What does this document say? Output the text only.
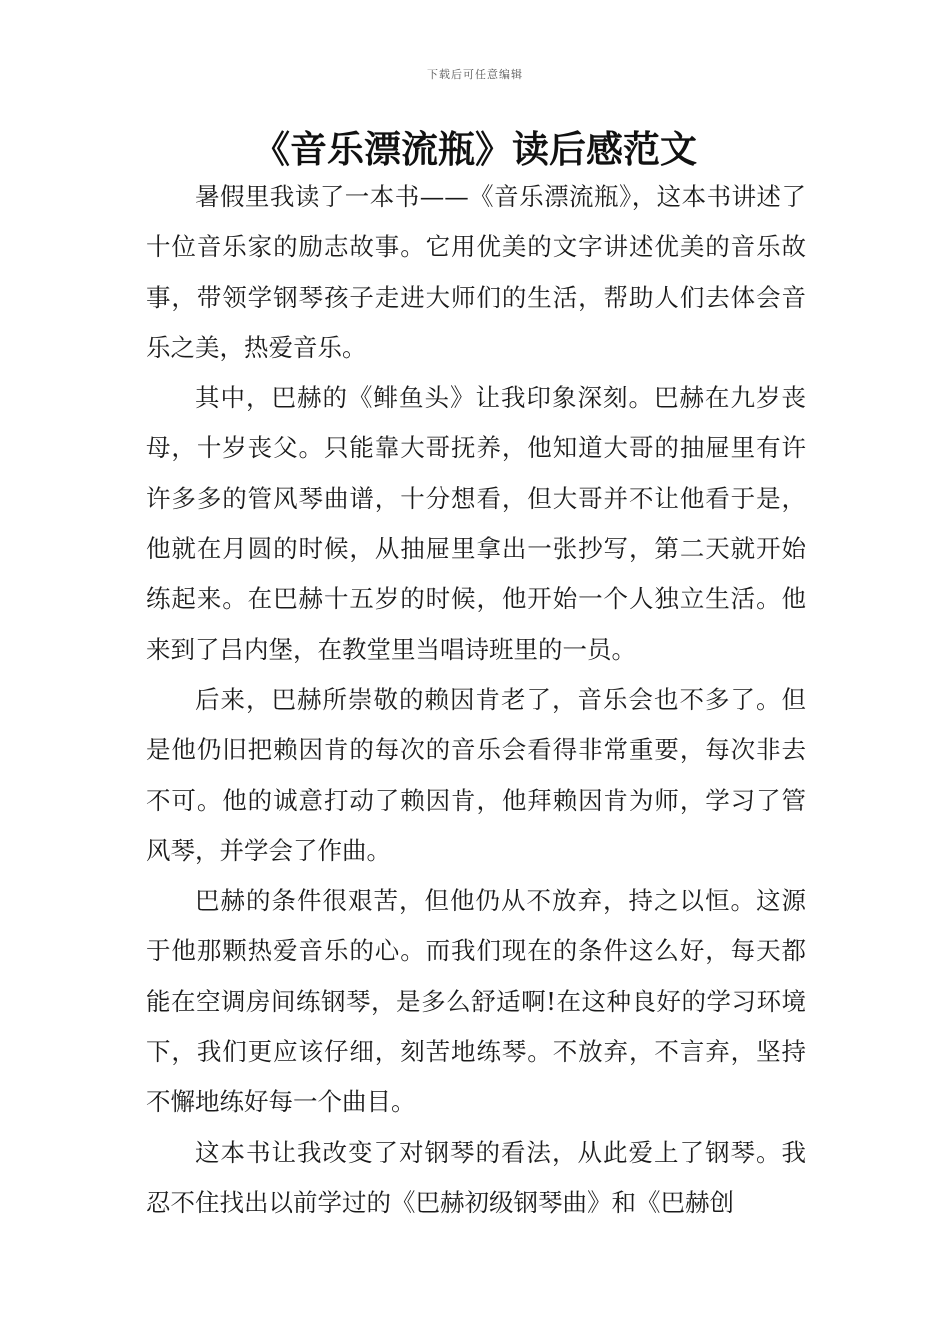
下载后可任意编辑
《音乐漂流瓶》读后感范文

暑假里我读了一本书——《音乐漂流瓶》，这本书讲述了十位音乐家的励志故事。它用优美的文字讲述优美的音乐故事，带领学钢琴孩子走进大师们的生活，帮助人们去体会音乐之美，热爱音乐。

其中，巴赫的《鲱鱼头》让我印象深刻。巴赫在九岁丧母，十岁丧父。只能靠大哥抚养，他知道大哥的抽屉里有许许多多的管风琴曲谱，十分想看，但大哥并不让他看于是，他就在月圆的时候，从抽屉里拿出一张抄写，第二天就开始练起来。在巴赫十五岁的时候，他开始一个人独立生活。他来到了吕内堡，在教堂里当唱诗班里的一员。

后来，巴赫所崇敬的赖因肯老了，音乐会也不多了。但是他仍旧把赖因肯的每次的音乐会看得非常重要，每次非去不可。他的诚意打动了赖因肯，他拜赖因肯为师，学习了管风琴，并学会了作曲。

巴赫的条件很艰苦，但他仍从不放弃，持之以恒。这源于他那颗热爱音乐的心。而我们现在的条件这么好，每天都能在空调房间练钢琴，是多么舒适啊!在这种良好的学习环境下，我们更应该仔细，刻苦地练琴。不放弃，不言弃，坚持不懈地练好每一个曲目。

这本书让我改变了对钢琴的看法，从此爱上了钢琴。我忍不住找出以前学过的《巴赫初级钢琴曲》和《巴赫创
